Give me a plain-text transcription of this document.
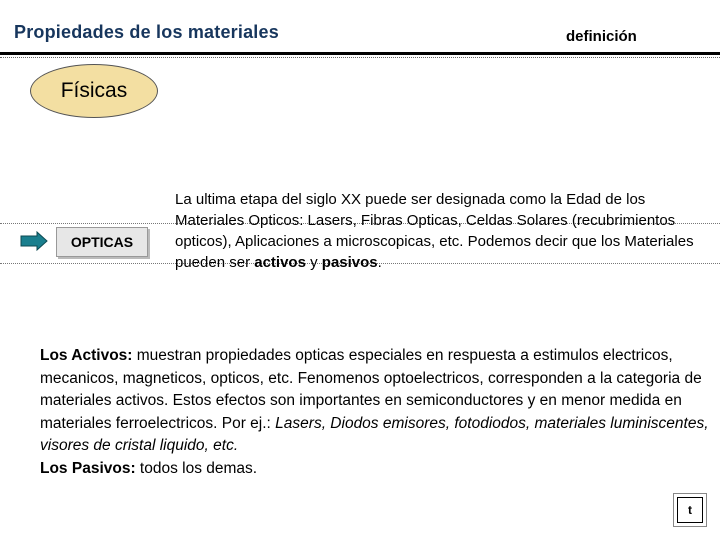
Propiedades de los materiales	definición
Físicas
OPTICAS
La ultima etapa del siglo XX puede ser designada como la Edad de los Materiales Opticos: Lasers, Fibras Opticas, Celdas Solares (recubrimientos opticos), Aplicaciones a microscopicas, etc. Podemos decir que los Materiales pueden ser activos y pasivos.

Los Activos: muestran propiedades opticas especiales en respuesta a estimulos electricos, mecanicos, magneticos, opticos, etc. Fenomenos optoelectricos, corresponden a la categoria de materiales activos. Estos efectos son importantes en semiconductores y en menor medida en materiales ferroelectricos. Por ej.: Lasers, Diodos emisores, fotodiodos, materiales luminiscentes, visores de cristal liquido, etc.

Los Pasivos: todos los demas.

t
